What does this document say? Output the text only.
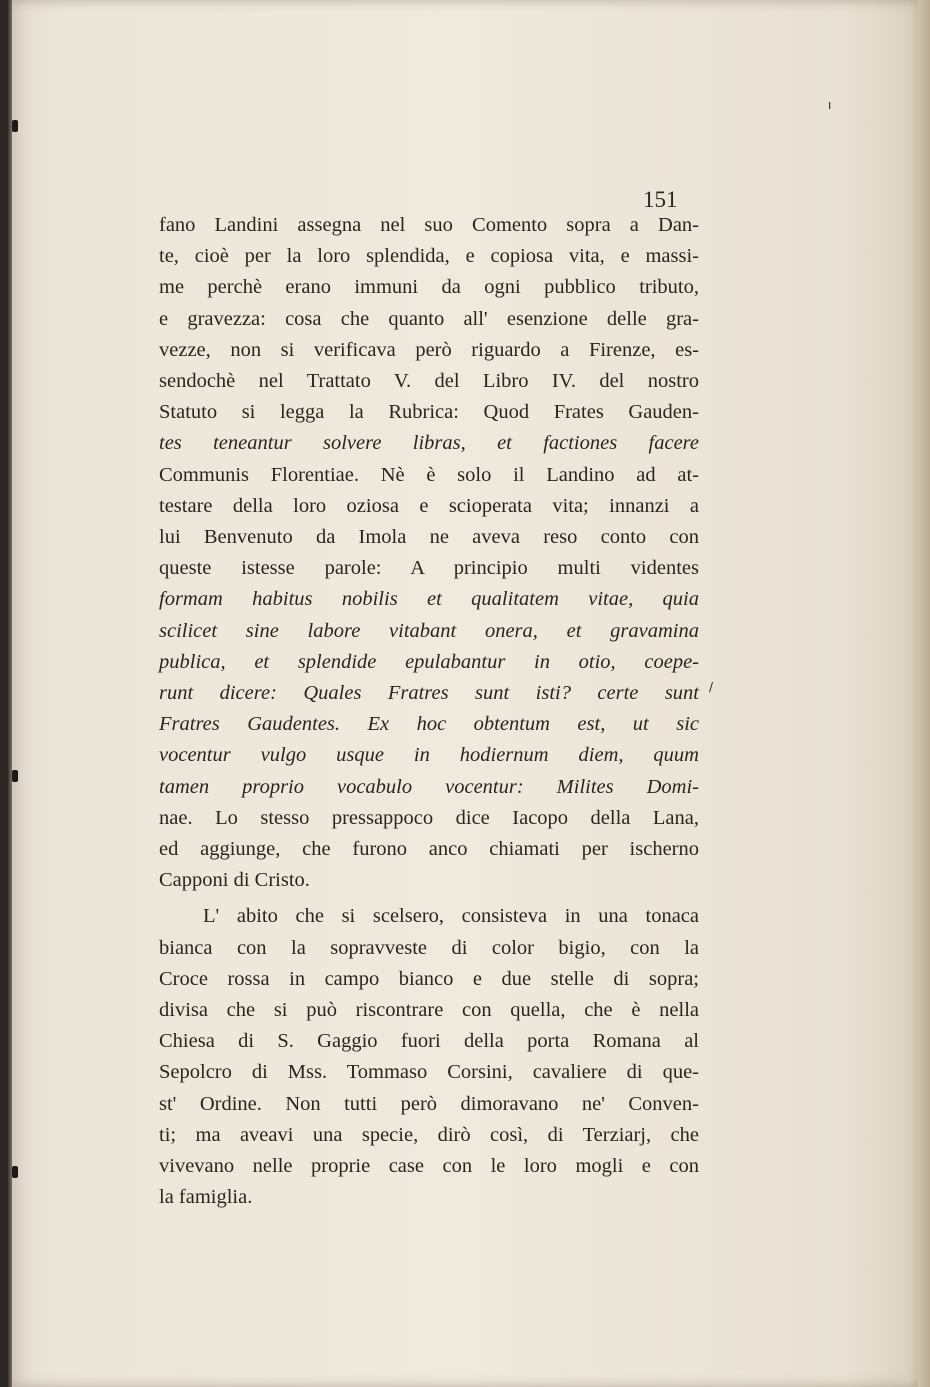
151
fano Landini assegna nel suo Comento sopra a Dan-
te, cioè per la loro splendida, e copiosa vita, e massi-
me perchè erano immuni da ogni pubblico tributo,
e gravezza: cosa che quanto all' esenzione delle gra-
vezze, non si verificava però riguardo a Firenze, es-
sendochè nel Trattato V. del Libro IV. del nostro
Statuto si legga la Rubrica: Quod Frates Gauden-
tes teneantur solvere libras, et factiones facere
Communis Florentiae. Nè è solo il Landino ad at-
testare della loro oziosa e scioperata vita; innanzi a
lui Benvenuto da Imola ne aveva reso conto con
queste istesse parole: A principio multi videntes
formam habitus nobilis et qualitatem vitae, quia
scilicet sine labore vitabant onera, et gravamina
publica, et splendide epulabantur in otio, coepe-
runt dicere: Quales Fratres sunt isti? certe sunt
Fratres Gaudentes. Ex hoc obtentum est, ut sic
vocentur vulgo usque in hodiernum diem, quum
tamen proprio vocabulo vocentur: Milites Domi-
nae. Lo stesso pressappoco dice Iacopo della Lana,
ed aggiunge, che furono anco chiamati per ischerno
Capponi di Cristo.
L' abito che si scelsero, consisteva in una tonaca
bianca con la sopravveste di color bigio, con la
Croce rossa in campo bianco e due stelle di sopra;
divisa che si può riscontrare con quella, che è nella
Chiesa di S. Gaggio fuori della porta Romana al
Sepolcro di Mss. Tommaso Corsini, cavaliere di que-
st' Ordine. Non tutti però dimoravano ne' Conven-
ti; ma aveavi una specie, dirò così, di Terziarj, che
vivevano nelle proprie case con le loro mogli e con
la famiglia.
/
ı
